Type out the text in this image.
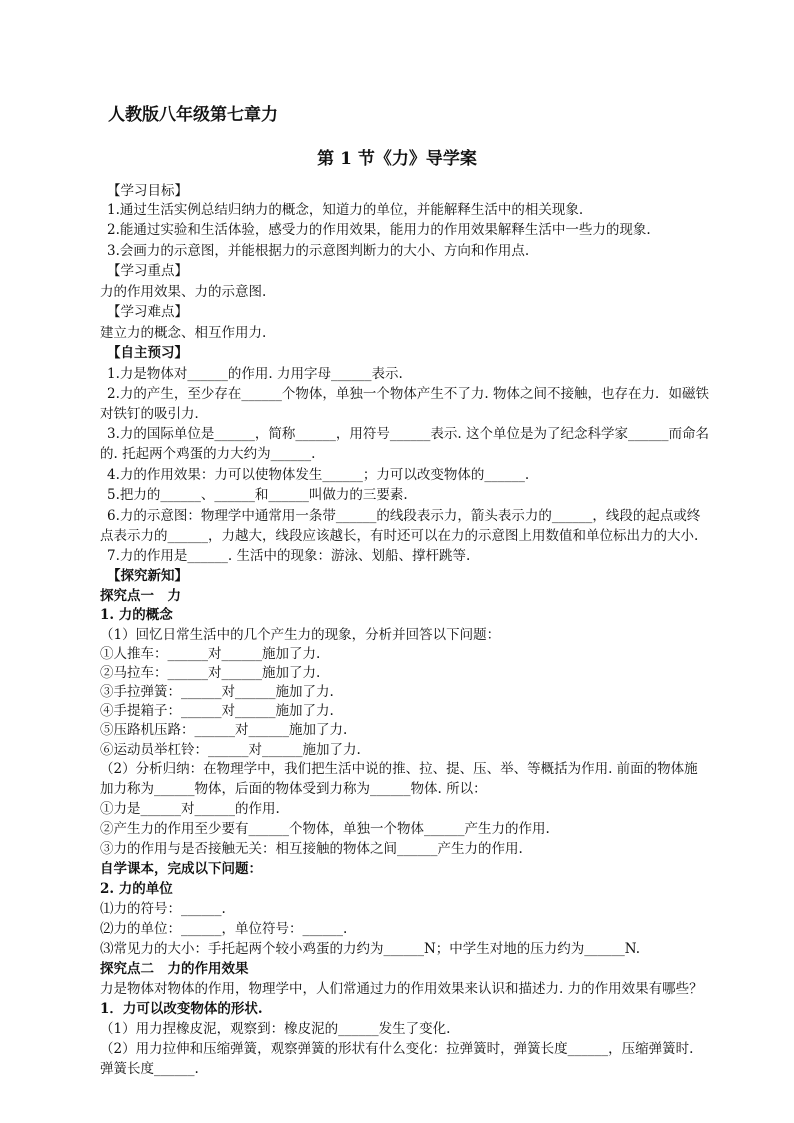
人教版八年级第七章力
第 1 节《力》导学案
【学习目标】
1.通过生活实例总结归纳力的概念，知道力的单位，并能解释生活中的相关现象.
2.能通过实验和生活体验，感受力的作用效果，能用力的作用效果解释生活中一些力的现象.
3.会画力的示意图，并能根据力的示意图判断力的大小、方向和作用点.
【学习重点】
力的作用效果、力的示意图.
【学习难点】
建立力的概念、相互作用力.
【自主预习】
1.力是物体对______的作用. 力用字母______表示.
2.力的产生，至少存在______个物体，单独一个物体产生不了力. 物体之间不接触，也存在力．如磁铁
对铁钉的吸引力．
3.力的国际单位是______，简称______，用符号______表示. 这个单位是为了纪念科学家______而命名
的. 托起两个鸡蛋的力大约为______.
4.力的作用效果：力可以使物体发生______；力可以改变物体的______.
5.把力的______、______和______叫做力的三要素.
6.力的示意图：物理学中通常用一条带______的线段表示力，箭头表示力的______，线段的起点或终
点表示力的______，力越大，线段应该越长，有时还可以在力的示意图上用数值和单位标出力的大小.
7.力的作用是______. 生活中的现象：游泳、划船、撑杆跳等.
【探究新知】
探究点一　力
1. 力的概念
（1）回忆日常生活中的几个产生力的现象，分析并回答以下问题：
①人推车：______对______施加了力.
②马拉车：______对______施加了力.
③手拉弹簧：______对______施加了力.
④手提箱子：______对______施加了力.
⑤压路机压路：______对______施加了力.
⑥运动员举杠铃：______对______施加了力.
（2）分析归纳：在物理学中，我们把生活中说的推、拉、提、压、举、等概括为作用. 前面的物体施
加力称为______物体，后面的物体受到力称为______物体. 所以：
①力是______对______的作用.
②产生力的作用至少要有______个物体，单独一个物体______产生力的作用.
③力的作用与是否接触无关：相互接触的物体之间______产生力的作用.
自学课本，完成以下问题：
2. 力的单位
⑴力的符号：______.
⑵力的单位：______，单位符号：______.
⑶常见力的大小：手托起两个较小鸡蛋的力约为______N；中学生对地的压力约为______N.
探究点二　力的作用效果
力是物体对物体的作用，物理学中，人们常通过力的作用效果来认识和描述力. 力的作用效果有哪些？
1．力可以改变物体的形状.
（1）用力捏橡皮泥，观察到：橡皮泥的______发生了变化.
（2）用力拉伸和压缩弹簧，观察弹簧的形状有什么变化：拉弹簧时，弹簧长度______，压缩弹簧时.
弹簧长度______.
